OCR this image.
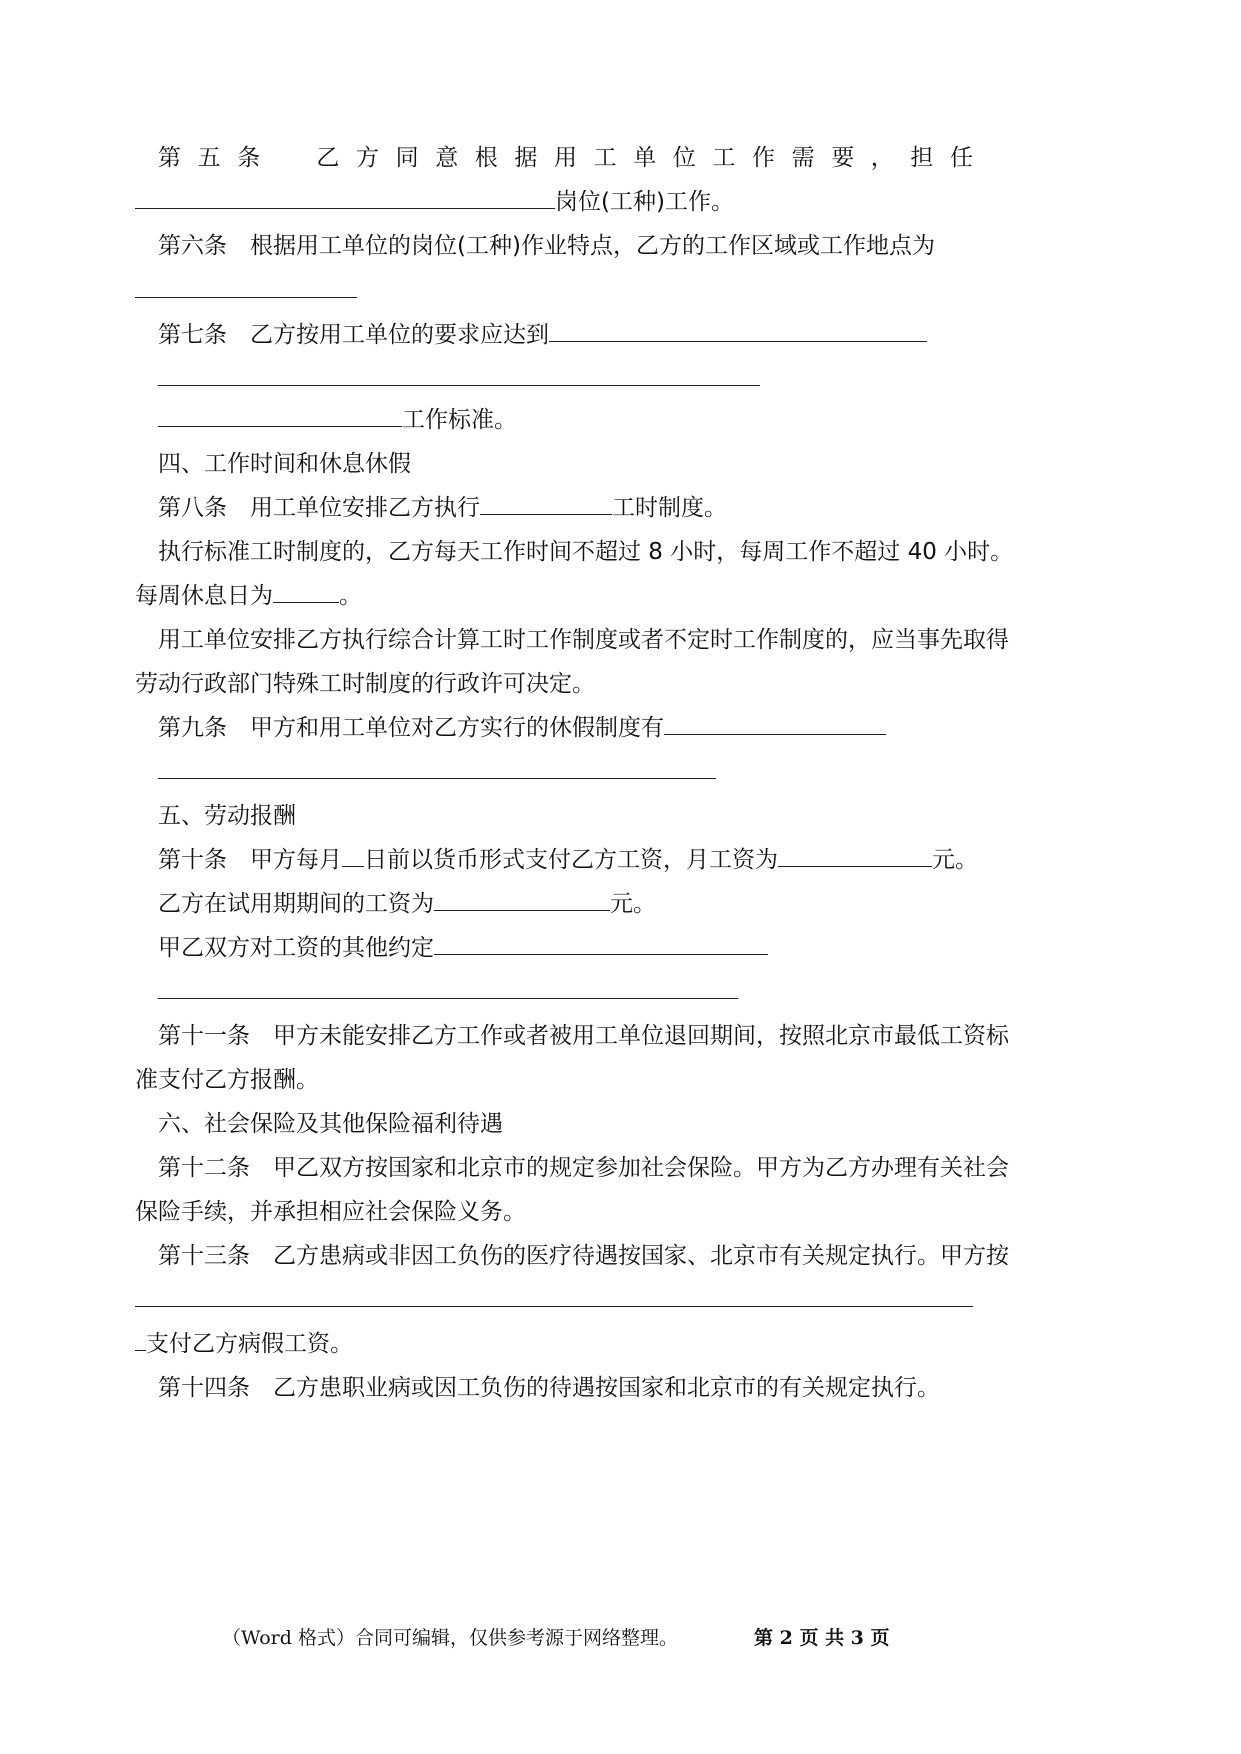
第五条　乙方同意根据用工单位工作需要，担任
岗位(工种)工作。
第六条　根据用工单位的岗位(工种)作业特点，乙方的工作区域或工作地点为
第七条　乙方按用工单位的要求应达到
工作标准。
四、工作时间和休息休假
第八条　用工单位安排乙方执行	工时制度。
执行标准工时制度的，乙方每天工作时间不超过 8 小时，每周工作不超过 40 小时。
每周休息日为	。
用工单位安排乙方执行综合计算工时工作制度或者不定时工作制度的，应当事先取得
劳动行政部门特殊工时制度的行政许可决定。
第九条　甲方和用工单位对乙方实行的休假制度有
五、劳动报酬
第十条　甲方每月 日前以货币形式支付乙方工资，月工资为	元。
乙方在试用期期间的工资为	元。
甲乙双方对工资的其他约定
第十一条　甲方未能安排乙方工作或者被用工单位退回期间，按照北京市最低工资标
准支付乙方报酬。
六、社会保险及其他保险福利待遇
第十二条　甲乙双方按国家和北京市的规定参加社会保险。甲方为乙方办理有关社会
保险手续，并承担相应社会保险义务。
第十三条　乙方患病或非因工负伤的医疗待遇按国家、北京市有关规定执行。甲方按
支付乙方病假工资。
第十四条　乙方患职业病或因工负伤的待遇按国家和北京市的有关规定执行。
（Word 格式）合同可编辑，仅供参考源于网络整理。	第 2 页 共 3 页
